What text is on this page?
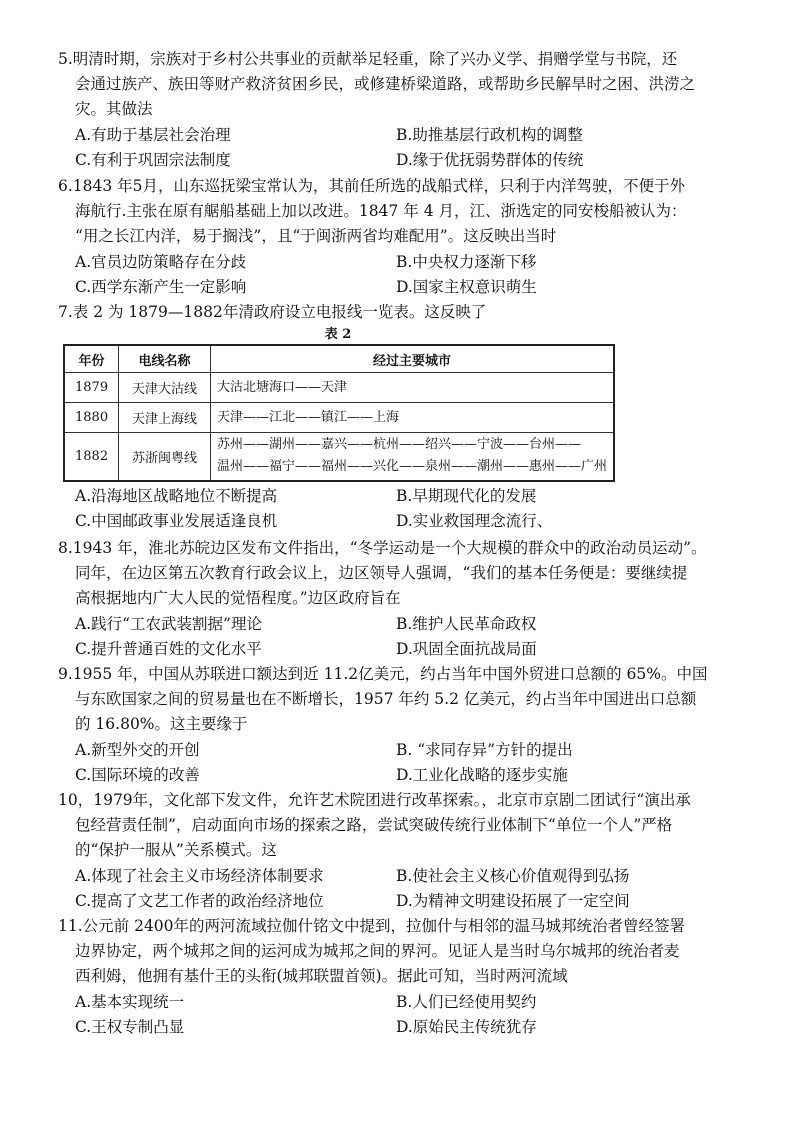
5.明清时期，宗族对于乡村公共事业的贡献举足轻重，除了兴办义学、捐赠学堂与书院，还
会通过族产、族田等财产救济贫困乡民，或修建桥梁道路，或帮助乡民解旱时之困、洪涝之
灾。其做法
A.有助于基层社会治理	B.助推基层行政机构的调整
C.有利于巩固宗法制度	D.缘于优抚弱势群体的传统
6.1843 年5月，山东巡抚梁宝常认为，其前任所选的战船式样，只利于内洋驾驶，不便于外
海航行.主张在原有艍船基础上加以改进。1847 年 4 月，江、浙选定的同安梭船被认为：
“用之长江内洋，易于搁浅”，且“于闽浙两省均难配用”。这反映出当时
A.官员边防策略存在分歧	B.中央权力逐渐下移
C.西学东渐产生一定影响	D.国家主权意识萌生
7.表 2 为 1879—1882年清政府设立电报线一览表。这反映了
表 2
年份	电线名称	经过主要城市
1879	天津大沽线	大沽北塘海口——天津

1880	天津上海线	天津——江北——镇江——上海

1882	苏浙闽粤线	苏州——湖州——嘉兴——杭州——绍兴——宁波——台州——
温州——福宁——福州——兴化——泉州——潮州——惠州——广州
A.沿海地区战略地位不断提高	B.早期现代化的发展
C.中国邮政事业发展适逢良机	D.实业救国理念流行、
8.1943 年，淮北苏皖边区发布文件指出，“冬学运动是一个大规模的群众中的政治动员运动”。
同年，在边区第五次教育行政会议上，边区领导人强调，“我们的基本任务便是：要继续提
高根据地内广大人民的觉悟程度。”边区政府旨在
A.践行“工农武装割据”理论	B.维护人民革命政权
C.提升普通百姓的文化水平	D.巩固全面抗战局面
9.1955 年，中国从苏联进口额达到近 11.2亿美元，约占当年中国外贸进口总额的 65%。中国
与东欧国家之间的贸易量也在不断增长，1957 年约 5.2 亿美元，约占当年中国进出口总额
的 16.80%。这主要缘于
A.新型外交的开创	B. “求同存异”方针的提出
C.国际环境的改善	D.工业化战略的逐步实施
10，1979年，文化部下发文件，允许艺术院团进行改革探索。，北京市京剧二团试行“演出承
包经营责任制”，启动面向市场的探索之路，尝试突破传统行业体制下“单位一个人”严格
的“保护一服从”关系模式。这
A.体现了社会主义市场经济体制要求	B.使社会主义核心价值观得到弘扬
C.提高了文艺工作者的政治经济地位	D.为精神文明建设拓展了一定空间
11.公元前 2400年的两河流域拉伽什铭文中提到，拉伽什与相邻的温马城邦统治者曾经签署
边界协定，两个城邦之间的运河成为城邦之间的界河。见证人是当时乌尔城邦的统治者麦
西利姆，他拥有基什王的头衔(城邦联盟首领)。据此可知，当时两河流域
A.基本实现统一	B.人们已经使用契约
C.王权专制凸显	D.原始民主传统犹存
